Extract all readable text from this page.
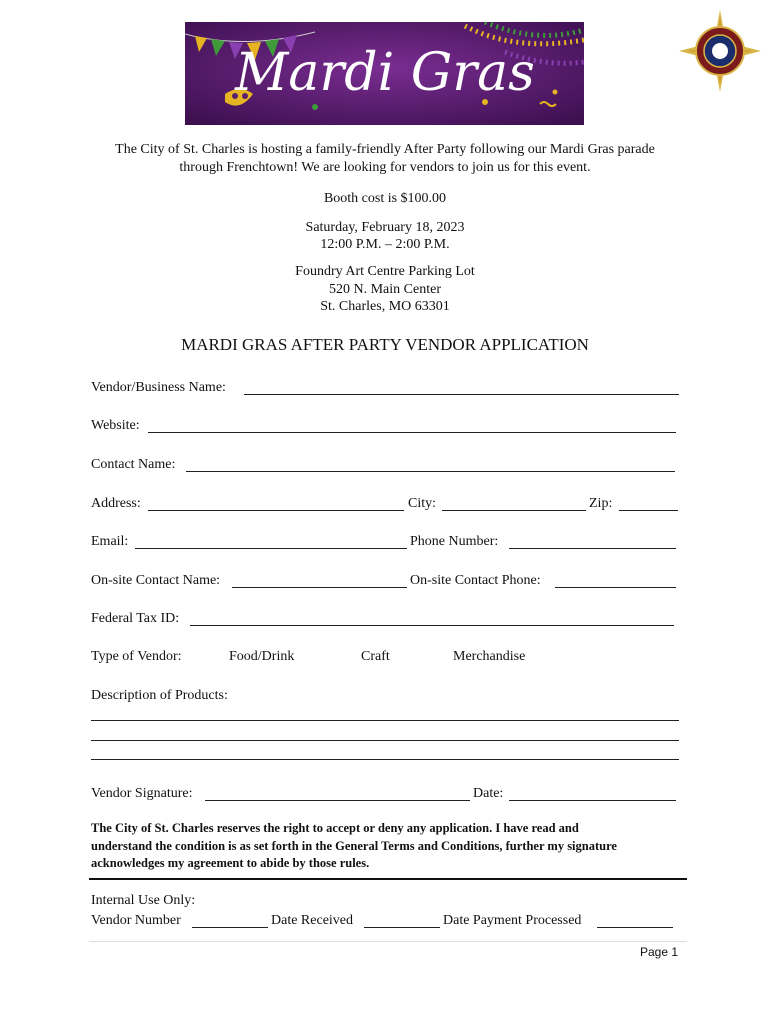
Mardi Gras
The City of St. Charles is hosting a family-friendly After Party following our Mardi Gras parade
through Frenchtown! We are looking for vendors to join us for this event.
Booth cost is $100.00
Saturday, February 18, 2023
12:00 P.M. – 2:00 P.M.
Foundry Art Centre Parking Lot
520 N. Main Center
St. Charles, MO 63301
MARDI GRAS AFTER PARTY VENDOR APPLICATION
Vendor/Business Name:
Website:
Contact Name:
Address:	City:	Zip:
Email:	Phone Number:
On-site Contact Name:	On-site Contact Phone:
Federal Tax ID:
Type of Vendor:	Food/Drink	Craft	Merchandise
Description of Products:
Vendor Signature:	Date:
The City of St. Charles reserves the right to accept or deny any application. I have read and
understand the condition is as set forth in the General Terms and Conditions, further my signature
acknowledges my agreement to abide by those rules.
Internal Use Only:
Vendor Number	Date Received	Date Payment Processed
Page 1
